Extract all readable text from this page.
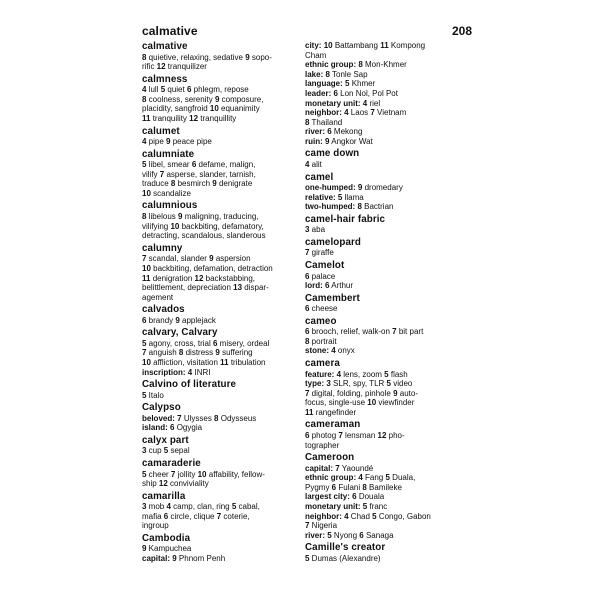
calmative	208
calmative
8 quietive, relaxing, sedative 9 sopo-
rific 12 tranquilizer
calmness
4 lull 5 quiet 6 phlegm, repose
8 coolness, serenity 9 composure,
placidity, sangfroid 10 equanimity
11 tranquility 12 tranquillity
calumet
4 pipe 9 peace pipe
calumniate
5 libel, smear 6 defame, malign,
vilify 7 asperse, slander, tarnish,
traduce 8 besmirch 9 denigrate
10 scandalize
calumnious
8 libelous 9 maligning, traducing,
vilifying 10 backbiting, defamatory,
detracting, scandalous, slanderous
calumny
7 scandal, slander 9 aspersion
10 backbiting, defamation, detraction
11 denigration 12 backstabbing,
belittlement, depreciation 13 dispar-
agement
calvados
6 brandy 9 applejack
calvary, Calvary
5 agony, cross, trial 6 misery, ordeal
7 anguish 8 distress 9 suffering
10 affliction, visitation 11 tribulation
inscription: 4 INRI
Calvino of literature
5 Italo
Calypso
beloved: 7 Ulysses 8 Odysseus
island: 6 Ogygia
calyx part
3 cup 5 sepal
camaraderie
5 cheer 7 jollity 10 affability, fellow-
ship 12 conviviality
camarilla
3 mob 4 camp, clan, ring 5 cabal,
mafia 6 circle, clique 7 coterie,
ingroup
Cambodia
9 Kampuchea
capital: 9 Phnom Penh
city: 10 Battambang 11 Kompong
Cham
ethnic group: 8 Mon-Khmer
lake: 8 Tonle Sap
language: 5 Khmer
leader: 6 Lon Nol, Pol Pot
monetary unit: 4 riel
neighbor: 4 Laos 7 Vietnam
8 Thailand
river: 6 Mekong
ruin: 9 Angkor Wat
came down
4 alit
camel
one-humped: 9 dromedary
relative: 5 llama
two-humped: 8 Bactrian
camel-hair fabric
3 aba
camelopard
7 giraffe
Camelot
6 palace
lord: 6 Arthur
Camembert
6 cheese
cameo
6 brooch, relief, walk-on 7 bit part
8 portrait
stone: 4 onyx
camera
feature: 4 lens, zoom 5 flash
type: 3 SLR, spy, TLR 5 video
7 digital, folding, pinhole 9 auto-
focus, single-use 10 viewfinder
11 rangefinder
cameraman
6 photog 7 lensman 12 pho-
tographer
Cameroon
capital: 7 Yaoundé
ethnic group: 4 Fang 5 Duala,
Pygmy 6 Fulani 8 Bamileke
largest city: 6 Douala
monetary unit: 5 franc
neighbor: 4 Chad 5 Congo, Gabon
7 Nigeria
river: 5 Nyong 6 Sanaga
Camille's creator
5 Dumas (Alexandre)
